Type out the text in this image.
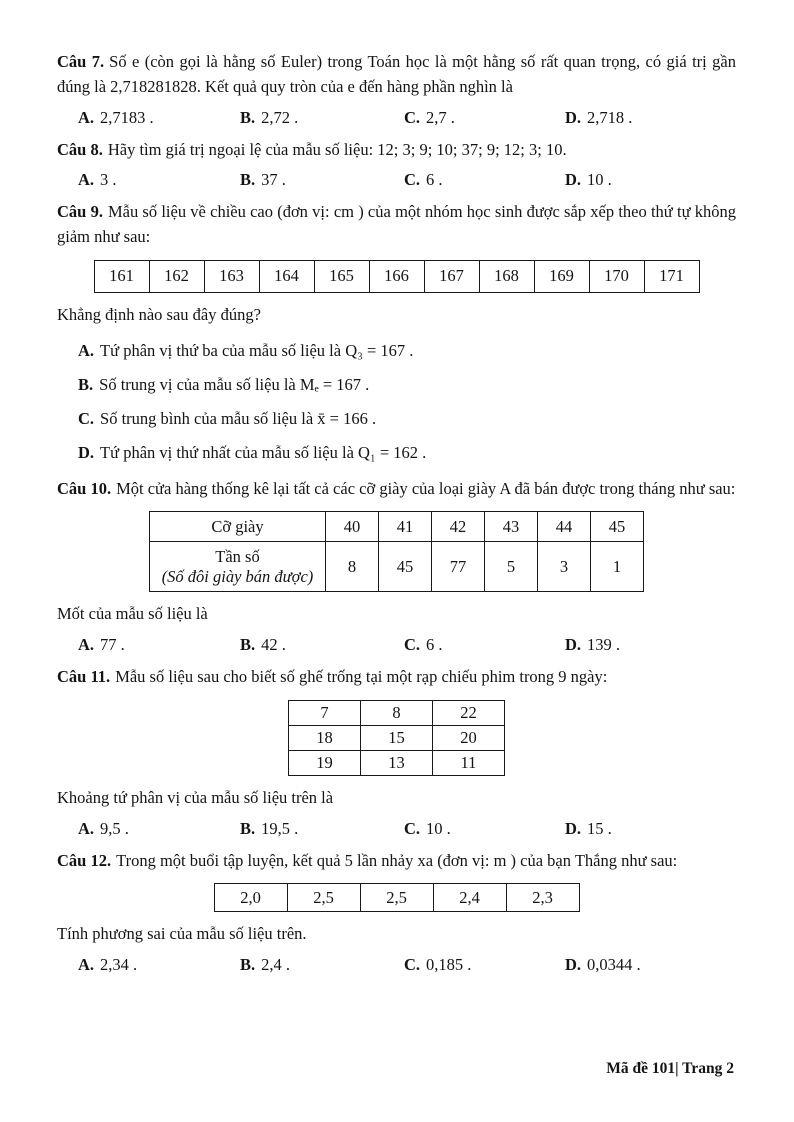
Câu 7. Số e (còn gọi là hằng số Euler) trong Toán học là một hằng số rất quan trọng, có giá trị gần đúng là 2,718281828. Kết quả quy tròn của e đến hàng phần nghìn là

A. 2,7183 .	B. 2,72 .	C. 2,7 .	D. 2,718 .

Câu 8. Hãy tìm giá trị ngoại lệ của mẫu số liệu: 12; 3; 9; 10; 37; 9; 12; 3; 10.

A. 3 .	B. 37 .	C. 6 .	D. 10 .

Câu 9. Mẫu số liệu về chiều cao (đơn vị: cm ) của một nhóm học sinh được sắp xếp theo thứ tự không giảm như sau:

161	162	163	164	165	166	167	168	169	170	171

Khẳng định nào sau đây đúng?

A. Tứ phân vị thứ ba của mẫu số liệu là Q₃ = 167 .
B. Số trung vị của mẫu số liệu là Mₑ = 167 .
C. Số trung bình của mẫu số liệu là x̄ = 166 .
D. Tứ phân vị thứ nhất của mẫu số liệu là Q₁ = 162 .

Câu 10. Một cửa hàng thống kê lại tất cả các cỡ giày của loại giày A đã bán được trong tháng như sau:

Cỡ giày	40	41	42	43	44	45
Tần số
(Số đôi giày bán được)	8	45	77	5	3	1

Mốt của mẫu số liệu là

A. 77 .	B. 42 .	C. 6 .	D. 139 .

Câu 11. Mẫu số liệu sau cho biết số ghế trống tại một rạp chiếu phim trong 9 ngày:

7	8	22
18	15	20
19	13	11

Khoảng tứ phân vị của mẫu số liệu trên là

A. 9,5 .	B. 19,5 .	C. 10 .	D. 15 .

Câu 12. Trong một buổi tập luyện, kết quả 5 lần nhảy xa (đơn vị: m ) của bạn Thắng như sau:

2,0	2,5	2,5	2,4	2,3

Tính phương sai của mẫu số liệu trên.

A. 2,34 .	B. 2,4 .	C. 0,185 .	D. 0,0344 .
Mã đề 101| Trang 2
